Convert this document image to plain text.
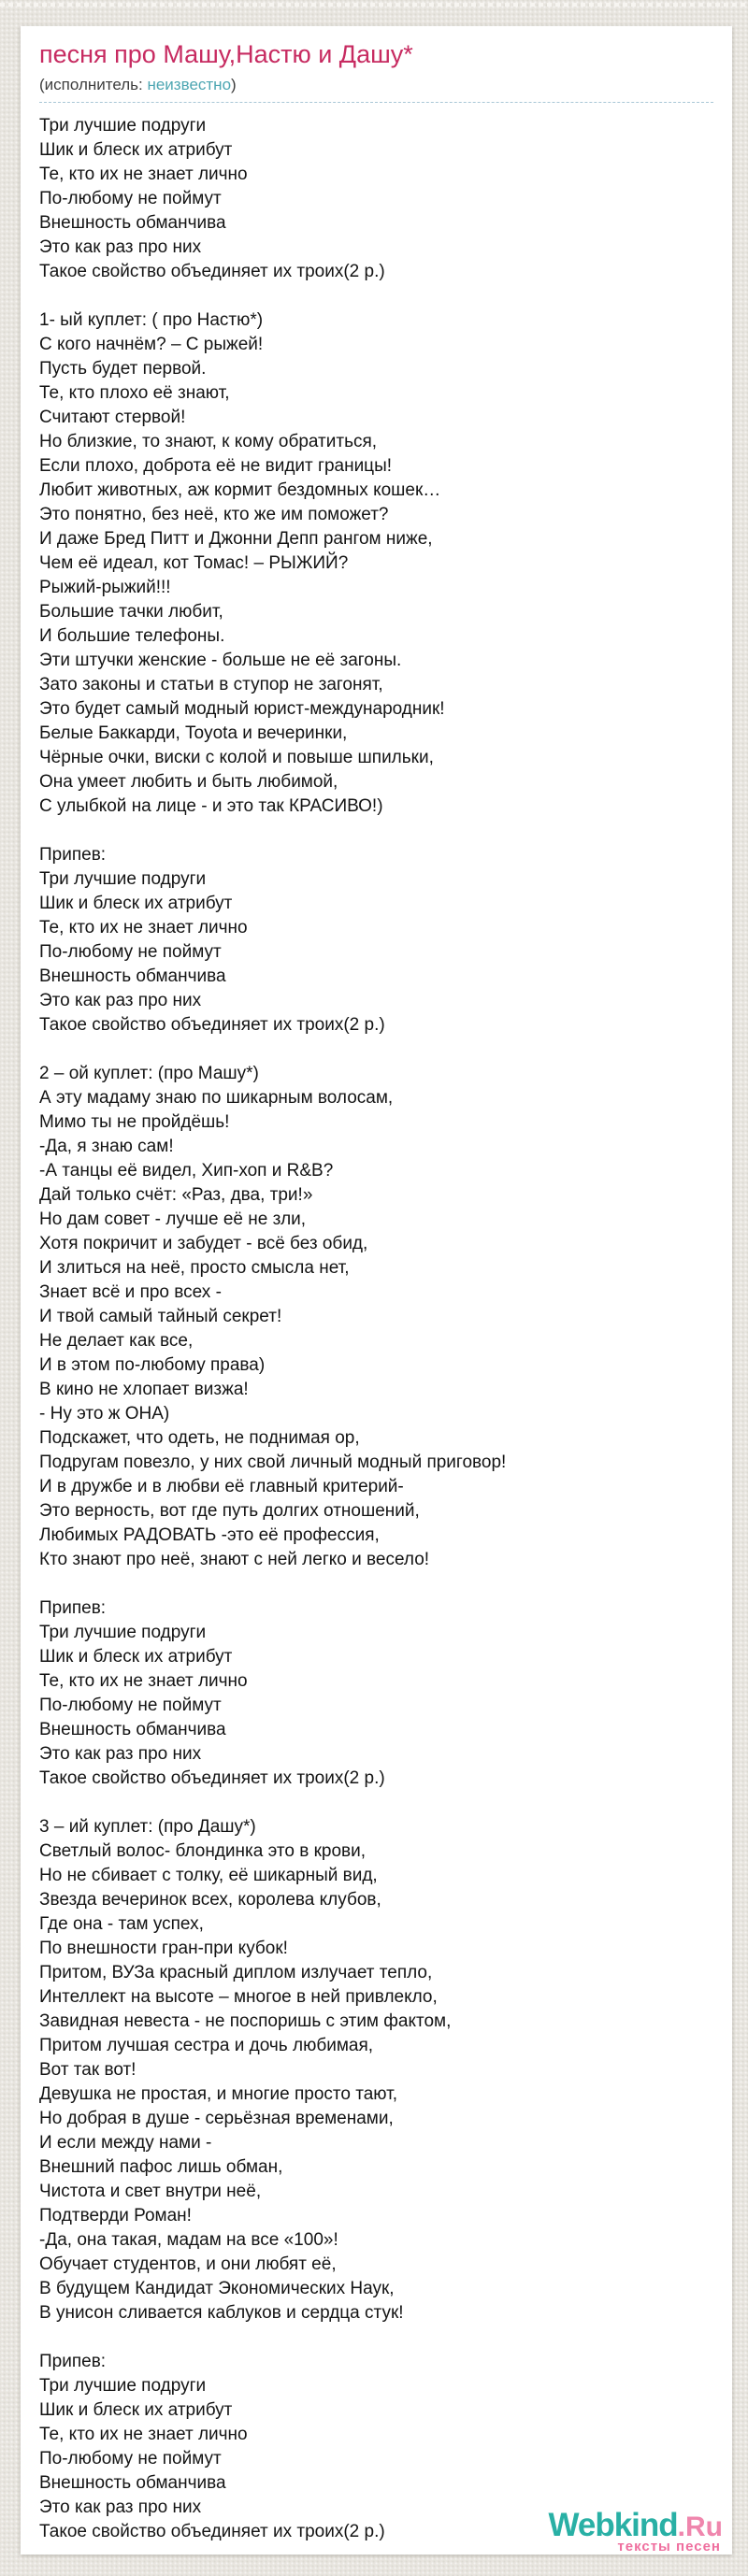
песня про Машу,Настю и Дашу*
(исполнитель: неизвестно)
Три лучшие подруги
Шик и блеск их атрибут
Те, кто их не знает лично
По-любому не поймут
Внешность обманчива
Это как раз про них
Такое свойство объединяет их троих(2 р.)
1- ый куплет: ( про Настю*)
С кого начнём? – С рыжей!
Пусть будет первой.
Те, кто плохо её знают,
Считают стервой!
Но близкие, то знают, к кому обратиться,
Если плохо, доброта её не видит границы!
Любит животных, аж кормит бездомных кошек…
Это понятно, без неё, кто же им поможет?
И даже Бред Питт и Джонни Депп рангом ниже,
Чем её идеал, кот Томас! – РЫЖИЙ?
Рыжий-рыжий!!!
Большие тачки любит,
И большие телефоны.
Эти штучки женские - больше не её загоны.
Зато законы и статьи в ступор не загонят,
Это будет самый модный юрист-международник!
Белые Баккарди, Toyota и вечеринки,
Чёрные очки, виски с колой и повыше шпильки,
Она умеет любить и быть любимой,
С улыбкой на лице - и это так КРАСИВО!)
Припев:
Три лучшие подруги
Шик и блеск их атрибут
Те, кто их не знает лично
По-любому не поймут
Внешность обманчива
Это как раз про них
Такое свойство объединяет их троих(2 р.)
2 – ой куплет: (про Машу*)
А эту мадаму знаю по шикарным волосам,
Мимо ты не пройдёшь!
-Да, я знаю сам!
-А танцы её видел, Хип-хоп и R&B?
Дай только счёт: «Раз, два, три!»
Но дам совет - лучше её не зли,
Хотя покричит и забудет - всё без обид,
И злиться на неё, просто смысла нет,
Знает всё и про всех -
И твой самый тайный секрет!
Не делает как все,
И в этом по-любому права)
В кино не хлопает визжа!
- Ну это ж ОНА)
Подскажет, что одеть, не поднимая ор,
Подругам повезло, у них свой личный модный приговор!
И в дружбе и в любви её главный критерий-
Это верность, вот где путь долгих отношений,
Любимых РАДОВАТЬ -это её профессия,
Кто знают про неё, знают с ней легко и весело!
Припев:
Три лучшие подруги
Шик и блеск их атрибут
Те, кто их не знает лично
По-любому не поймут
Внешность обманчива
Это как раз про них
Такое свойство объединяет их троих(2 р.)
3 – ий куплет: (про Дашу*)
Светлый волос- блондинка это в крови,
Но не сбивает с толку, её шикарный вид,
Звезда вечеринок всех, королева клубов,
Где она - там успех,
По внешности гран-при кубок!
Притом, ВУЗа красный диплом излучает тепло,
Интеллект на высоте – многое в ней привлекло,
Завидная невеста - не поспоришь с этим фактом,
Притом лучшая сестра и дочь любимая,
Вот так вот!
Девушка не простая, и многие просто тают,
Но добрая в душе - серьёзная временами,
И если между нами -
Внешний пафос лишь обман,
Чистота и свет внутри неё,
Подтверди Роман!
-Да, она такая, мадам на все «100»!
Обучает студентов, и они любят её,
В будущем Кандидат Экономических Наук,
В унисон сливается каблуков и сердца стук!
Припев:
Три лучшие подруги
Шик и блеск их атрибут
Те, кто их не знает лично
По-любому не поймут
Внешность обманчива
Это как раз про них
Такое свойство объединяет их троих(2 р.)	Webkind.Ru
тексты песен
